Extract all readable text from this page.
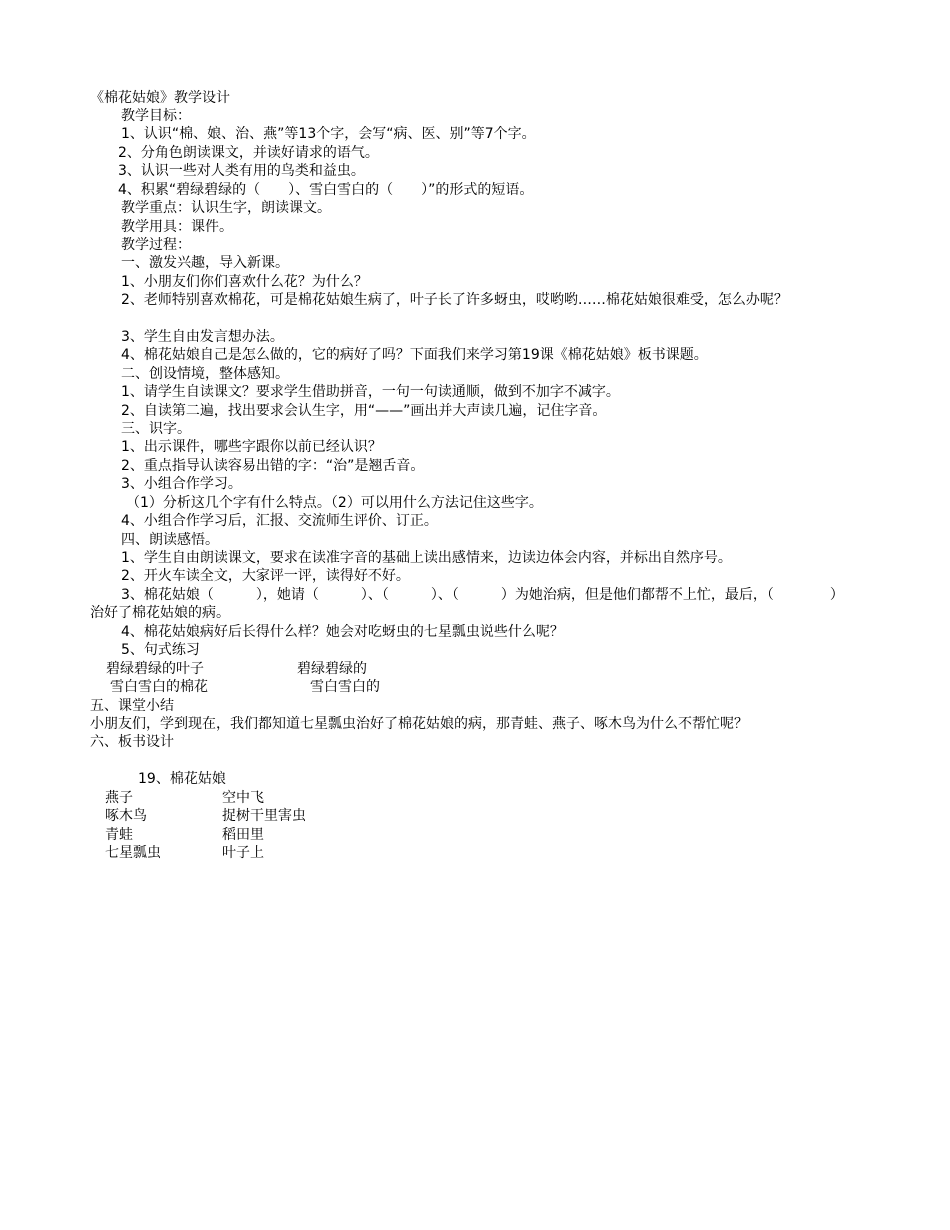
《棉花姑娘》教学设计
教学目标：
1、认识“棉、娘、治、燕”等13个字，会写“病、医、别”等7个字。
2、分角色朗读课文，并读好请求的语气。
3、认识一些对人类有用的鸟类和益虫。
4、积累“碧绿碧绿的（　　）、雪白雪白的（　　）”的形式的短语。
教学重点：认识生字，朗读课文。
教学用具：课件。
教学过程：
一、激发兴趣，导入新课。
1、小朋友们你们喜欢什么花？为什么？
2、老师特别喜欢棉花，可是棉花姑娘生病了，叶子长了许多蚜虫，哎哟哟……棉花姑娘很难受，怎么办呢？
3、学生自由发言想办法。
4、棉花姑娘自己是怎么做的，它的病好了吗？下面我们来学习第19课《棉花姑娘》板书课题。
二、创设情境，整体感知。
1、请学生自读课文？要求学生借助拼音，一句一句读通顺，做到不加字不减字。
2、自读第二遍，找出要求会认生字，用“——”画出并大声读几遍，记住字音。
三、识字。
1、出示课件，哪些字跟你以前已经认识？
2、重点指导认读容易出错的字：“治”是翘舌音。
3、小组合作学习。
（1）分析这几个字有什么特点。（2）可以用什么方法记住这些字。
4、小组合作学习后，汇报、交流师生评价、订正。
四、朗读感悟。
1、学生自由朗读课文，要求在读准字音的基础上读出感情来，边读边体会内容，并标出自然序号。
2、开火车读全文，大家评一评，读得好不好。
3、棉花姑娘（　　　），她请（　　　）、（　　　）、（　　　）为她治病，但是他们都帮不上忙，最后，（　　　　）治好了棉花姑娘的病。
4、棉花姑娘病好后长得什么样？她会对吃蚜虫的七星瓢虫说些什么呢？
5、句式练习
碧绿碧绿的叶子	碧绿碧绿的
雪白雪白的棉花	雪白雪白的
五、课堂小结
小朋友们，学到现在，我们都知道七星瓢虫治好了棉花姑娘的病，那青蛙、燕子、啄木鸟为什么不帮忙呢？
六、板书设计
19、棉花姑娘
燕子	空中飞
啄木鸟	捉树干里害虫
青蛙	稻田里
七星瓢虫	叶子上
